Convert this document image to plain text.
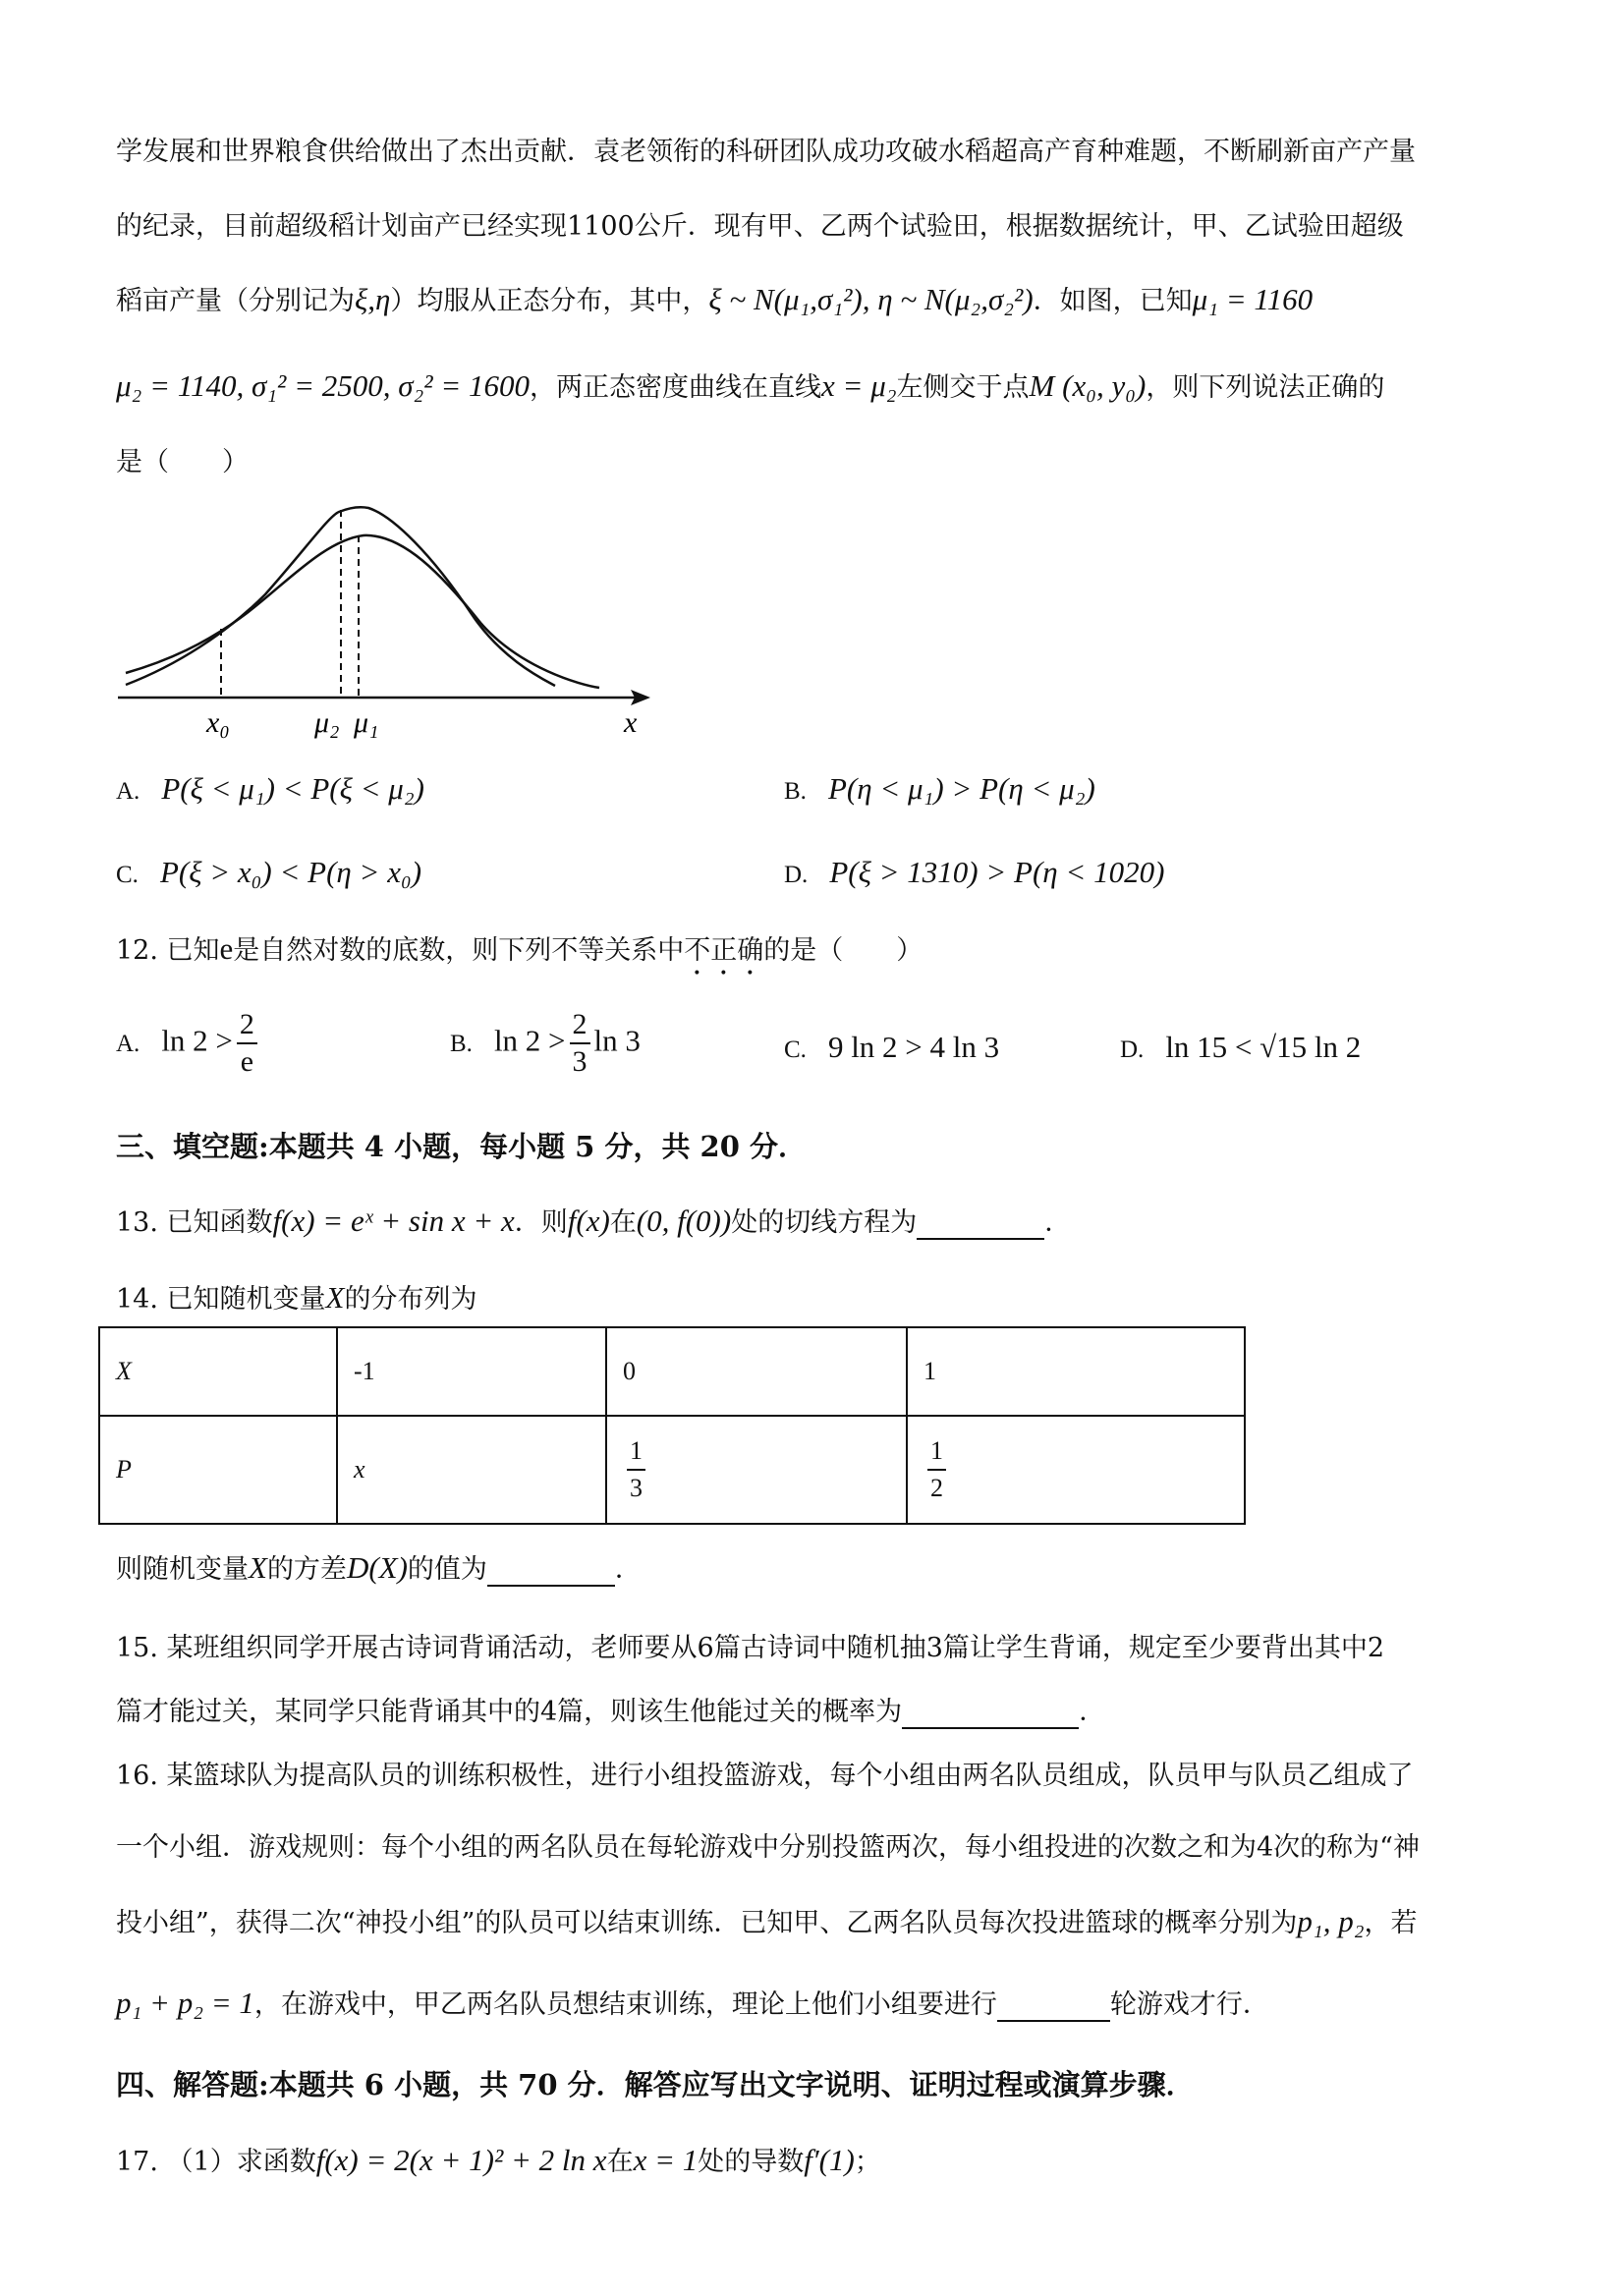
学发展和世界粮食供给做出了杰出贡献．袁老领衔的科研团队成功攻破水稻超高产育种难题，不断刷新亩产产量
的纪录，目前超级稻计划亩产已经实现1100公斤．现有甲、乙两个试验田，根据数据统计，甲、乙试验田超级
稻亩产量（分别记为ξ,η）均服从正态分布，其中，ξ ~ N(μ₁,σ₁²), η ~ N(μ₂,σ₂²)．如图，已知μ₁ = 1160
μ₂ = 1140, σ₁² = 2500, σ₂² = 1600，两正态密度曲线在直线x = μ₂左侧交于点M (x₀, y₀)，则下列说法正确的
是（　　）
x₀	μ₂ μ₁	x
A. P(ξ < μ₁) < P(ξ < μ₂)	B. P(η < μ₁) > P(η < μ₂)
C. P(ξ > x₀) < P(η > x₀)	D. P(ξ > 1310) > P(η < 1020)
12. 已知e是自然对数的底数，则下列不等关系中不正确的是（　　）
A. $\ln 2 > \frac{2}{e}$	B. $\ln 2 > \frac{2}{3}$ ln 3	C. 9 ln 2 > 4 ln 3	D. ln 15 < √15 ln 2
三、填空题:本题共 4 小题，每小题 5 分，共 20 分．
13. 已知函数f(x) = eˣ + sin x + x．则f(x)在(0, f(0))处的切线方程为	．
14. 已知随机变量X的分布列为
X	-1	0	1
P	x	$\frac{1}{3}$	$\frac{1}{2}$
则随机变量X的方差D(X)的值为	．
15. 某班组织同学开展古诗词背诵活动，老师要从6篇古诗词中随机抽3篇让学生背诵，规定至少要背出其中2
篇才能过关，某同学只能背诵其中的4篇，则该生他能过关的概率为	．
16. 某篮球队为提高队员的训练积极性，进行小组投篮游戏，每个小组由两名队员组成，队员甲与队员乙组成了
一个小组．游戏规则：每个小组的两名队员在每轮游戏中分别投篮两次，每小组投进的次数之和为4次的称为“神
投小组”，获得二次“神投小组”的队员可以结束训练．已知甲、乙两名队员每次投进篮球的概率分别为p₁, p₂，若
p₁ + p₂ = 1，在游戏中，甲乙两名队员想结束训练，理论上他们小组要进行	轮游戏才行．
四、解答题:本题共 6 小题，共 70 分．解答应写出文字说明、证明过程或演算步骤．
17. （1）求函数f(x) = 2(x + 1)² + 2 ln x在x = 1处的导数f′(1)；
